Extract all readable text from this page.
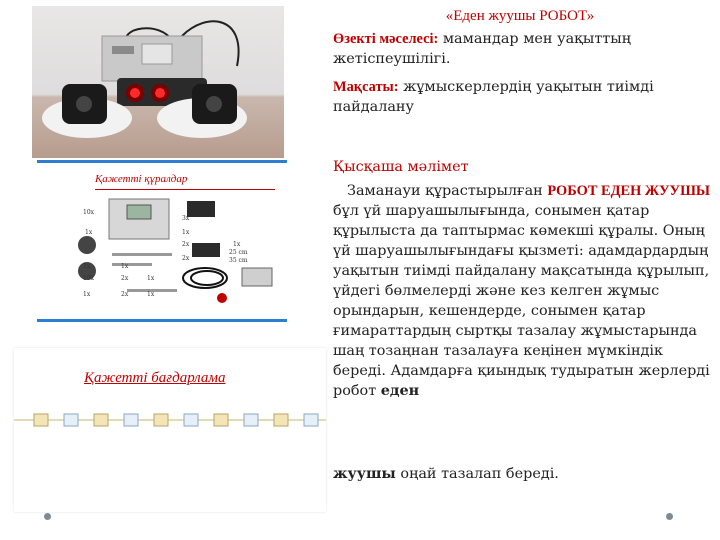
Қажетті құралдар
10x
1x
1x
1x
3x
1x
2x	1x
25 cm
35 cm
2x
1x
2x
10x	1x
2x	1x
Қажетті бағдарлама
«Еден жуушы РОБОТ»
Өзекті мәселесі: мамандар мен уақыттың жетіспеушілігі.
Мақсаты: жұмыскерлердің уақытын тиімді пайдалану
Қысқаша мәлімет
Заманауи құрастырылған РОБОТ ЕДЕН ЖУУШЫ бұл үй шаруашылығында, сонымен қатар құрылыста да таптырмас көмекші құралы. Оның үй шаруашылығындағы қызметі: адамдардардың уақытын тиімді пайдалану мақсатында құрылып, үйдегі бөлмелерді және кез келген жұмыс орындарын, кешендерде, сонымен қатар ғимараттардың сыртқы тазалау жұмыстарында шаң тозаңнан тазалауға кеңінен мүмкіндік береді. Адамдарға қиындық тудыратын жерлерді робот еден
жуушы оңай тазалап береді.
